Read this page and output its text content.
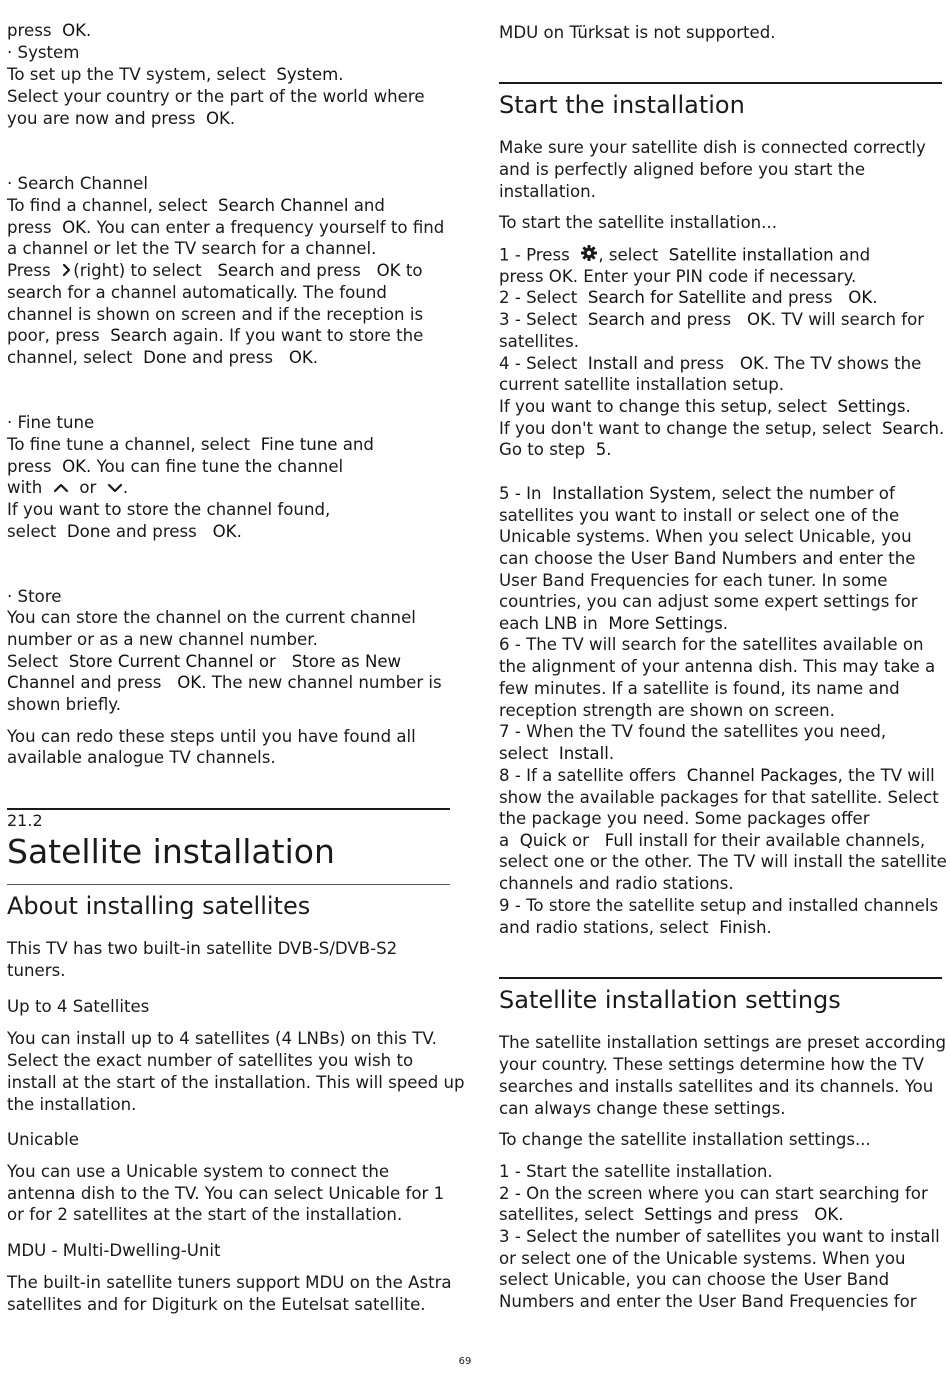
press OK.
· System
To set up the TV system, select System.
Select your country or the part of the world where
you are now and press OK.
· Search Channel
To find a channel, select Search Channel and
press OK. You can enter a frequency yourself to find
a channel or let the TV search for a channel.
Press (right) to select Search and press OK to
search for a channel automatically. The found
channel is shown on screen and if the reception is
poor, press Search again. If you want to store the
channel, select Done and press OK.
· Fine tune
To fine tune a channel, select Fine tune and
press OK. You can fine tune the channel
with or .
If you want to store the channel found,
select Done and press OK.
· Store
You can store the channel on the current channel
number or as a new channel number.
Select Store Current Channel or Store as New
Channel and press OK. The new channel number is
shown briefly.
You can redo these steps until you have found all
available analogue TV channels.
21.2
Satellite installation
About installing satellites
This TV has two built-in satellite DVB-S/DVB-S2
tuners.
Up to 4 Satellites
You can install up to 4 satellites (4 LNBs) on this TV.
Select the exact number of satellites you wish to
install at the start of the installation. This will speed up
the installation.
Unicable
You can use a Unicable system to connect the
antenna dish to the TV. You can select Unicable for 1
or for 2 satellites at the start of the installation.
MDU - Multi-Dwelling-Unit
The built-in satellite tuners support MDU on the Astra
satellites and for Digiturk on the Eutelsat satellite.
MDU on Türksat is not supported.
Start the installation
Make sure your satellite dish is connected correctly
and is perfectly aligned before you start the
installation.
To start the satellite installation...
1 - Press , select Satellite installation and
press OK. Enter your PIN code if necessary.
2 - Select Search for Satellite and press OK.
3 - Select Search and press OK. TV will search for
satellites.
4 - Select Install and press OK. The TV shows the
current satellite installation setup.
If you want to change this setup, select Settings.
If you don't want to change the setup, select Search.
Go to step 5.
5 - In Installation System, select the number of
satellites you want to install or select one of the
Unicable systems. When you select Unicable, you
can choose the User Band Numbers and enter the
User Band Frequencies for each tuner. In some
countries, you can adjust some expert settings for
each LNB in More Settings.
6 - The TV will search for the satellites available on
the alignment of your antenna dish. This may take a
few minutes. If a satellite is found, its name and
reception strength are shown on screen.
7 - When the TV found the satellites you need,
select Install.
8 - If a satellite offers Channel Packages, the TV will
show the available packages for that satellite. Select
the package you need. Some packages offer
a Quick or Full install for their available channels,
select one or the other. The TV will install the satellite
channels and radio stations.
9 - To store the satellite setup and installed channels
and radio stations, select Finish.
Satellite installation settings
The satellite installation settings are preset according
your country. These settings determine how the TV
searches and installs satellites and its channels. You
can always change these settings.
To change the satellite installation settings...
1 - Start the satellite installation.
2 - On the screen where you can start searching for
satellites, select Settings and press OK.
3 - Select the number of satellites you want to install
or select one of the Unicable systems. When you
select Unicable, you can choose the User Band
Numbers and enter the User Band Frequencies for
69
